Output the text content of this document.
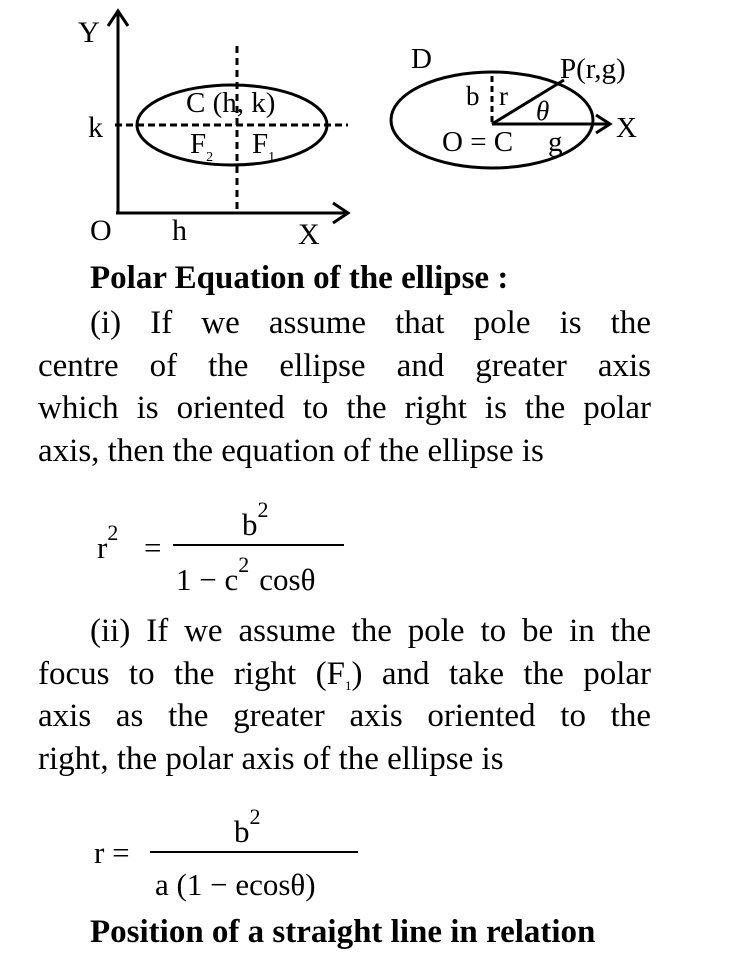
Y
k
C (h, k)
$F_2$ $F_1$
O h	X
D	P(r,g)
b r θ
O = C g X
Polar Equation of the ellipse :
(i) If we assume that pole is the
centre of the ellipse and greater axis
which is oriented to the right is the polar
axis, then the equation of the ellipse is
$r^2$ =
$b^2$
$1 - c^2$ cosθ
(ii) If we assume the pole to be in the
focus to the right $(F_1)$ and take the polar
axis as the greater axis oriented to the
right, the polar axis of the ellipse is
r =
$b^2$
a (1 − ecosθ)
Position of a straight line in relation
